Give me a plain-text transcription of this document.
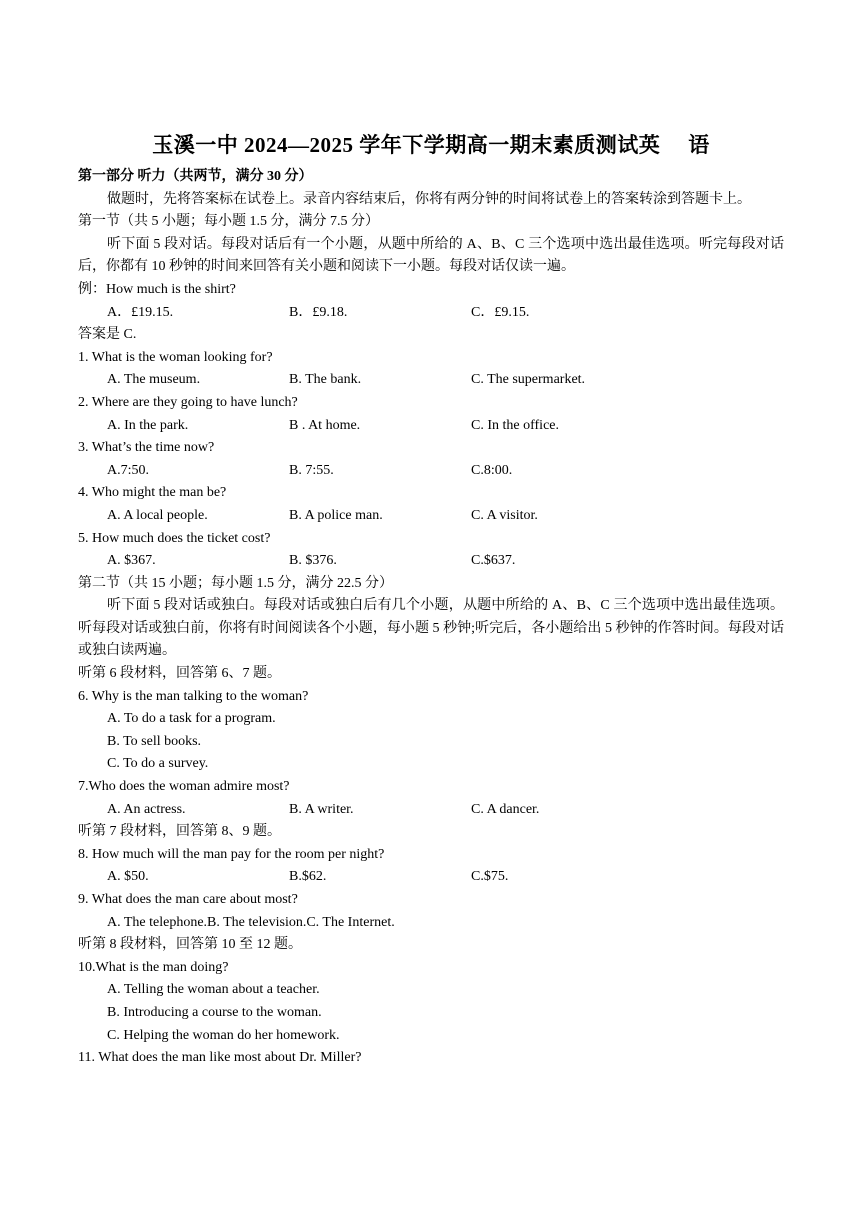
玉溪一中 2024—2025 学年下学期高一期末素质测试英 语
第一部分 听力（共两节，满分 30 分）
做题时，先将答案标在试卷上。录音内容结束后，你将有两分钟的时间将试卷上的答案转涂到答题卡上。
第一节（共 5 小题；每小题 1.5 分，满分 7.5 分）
听下面 5 段对话。每段对话后有一个小题，从题中所给的 A、B、C 三个选项中选出最佳选项。听完每段对话后，你都有 10 秒钟的时间来回答有关小题和阅读下一小题。每段对话仅读一遍。
例：How much is the shirt?
A．£19.15.	B．£9.18.	C．£9.15.
答案是 C.
1. What is the woman looking for?
A. The museum.	B. The bank.	C. The supermarket.
2. Where are they going to have lunch?
A. In the park.	B . At home.	C. In the office.
3. What’s the time now?
A.7:50.	B. 7:55.	C.8:00.
4. Who might the man be?
A. A local people.	B. A police man.	C. A visitor.
5. How much does the ticket cost?
A. $367.	B. $376.	C.$637.
第二节（共 15 小题；每小题 1.5 分，满分 22.5 分）
听下面 5 段对话或独白。每段对话或独白后有几个小题，从题中所给的 A、B、C 三个选项中选出最佳选项。听每段对话或独白前，你将有时间阅读各个小题，每小题 5 秒钟;听完后，各小题给出 5 秒钟的作答时间。每段对话或独白读两遍。
听第 6 段材料，回答第 6、7 题。
6. Why is the man talking to the woman?
A. To do a task for a program.
B. To sell books.
C. To do a survey.
7.Who does the woman admire most?
A. An actress.	B. A writer.	C. A dancer.
听第 7 段材料，回答第 8、9 题。
8. How much will the man pay for the room per night?
A. $50.	B.$62.	C.$75.
9. What does the man care about most?
A. The telephone.B. The television.C. The Internet.
听第 8 段材料，回答第 10 至 12 题。
10.What is the man doing?
A. Telling the woman about a teacher.
B. Introducing a course to the woman.
C. Helping the woman do her homework.
11. What does the man like most about Dr. Miller?
